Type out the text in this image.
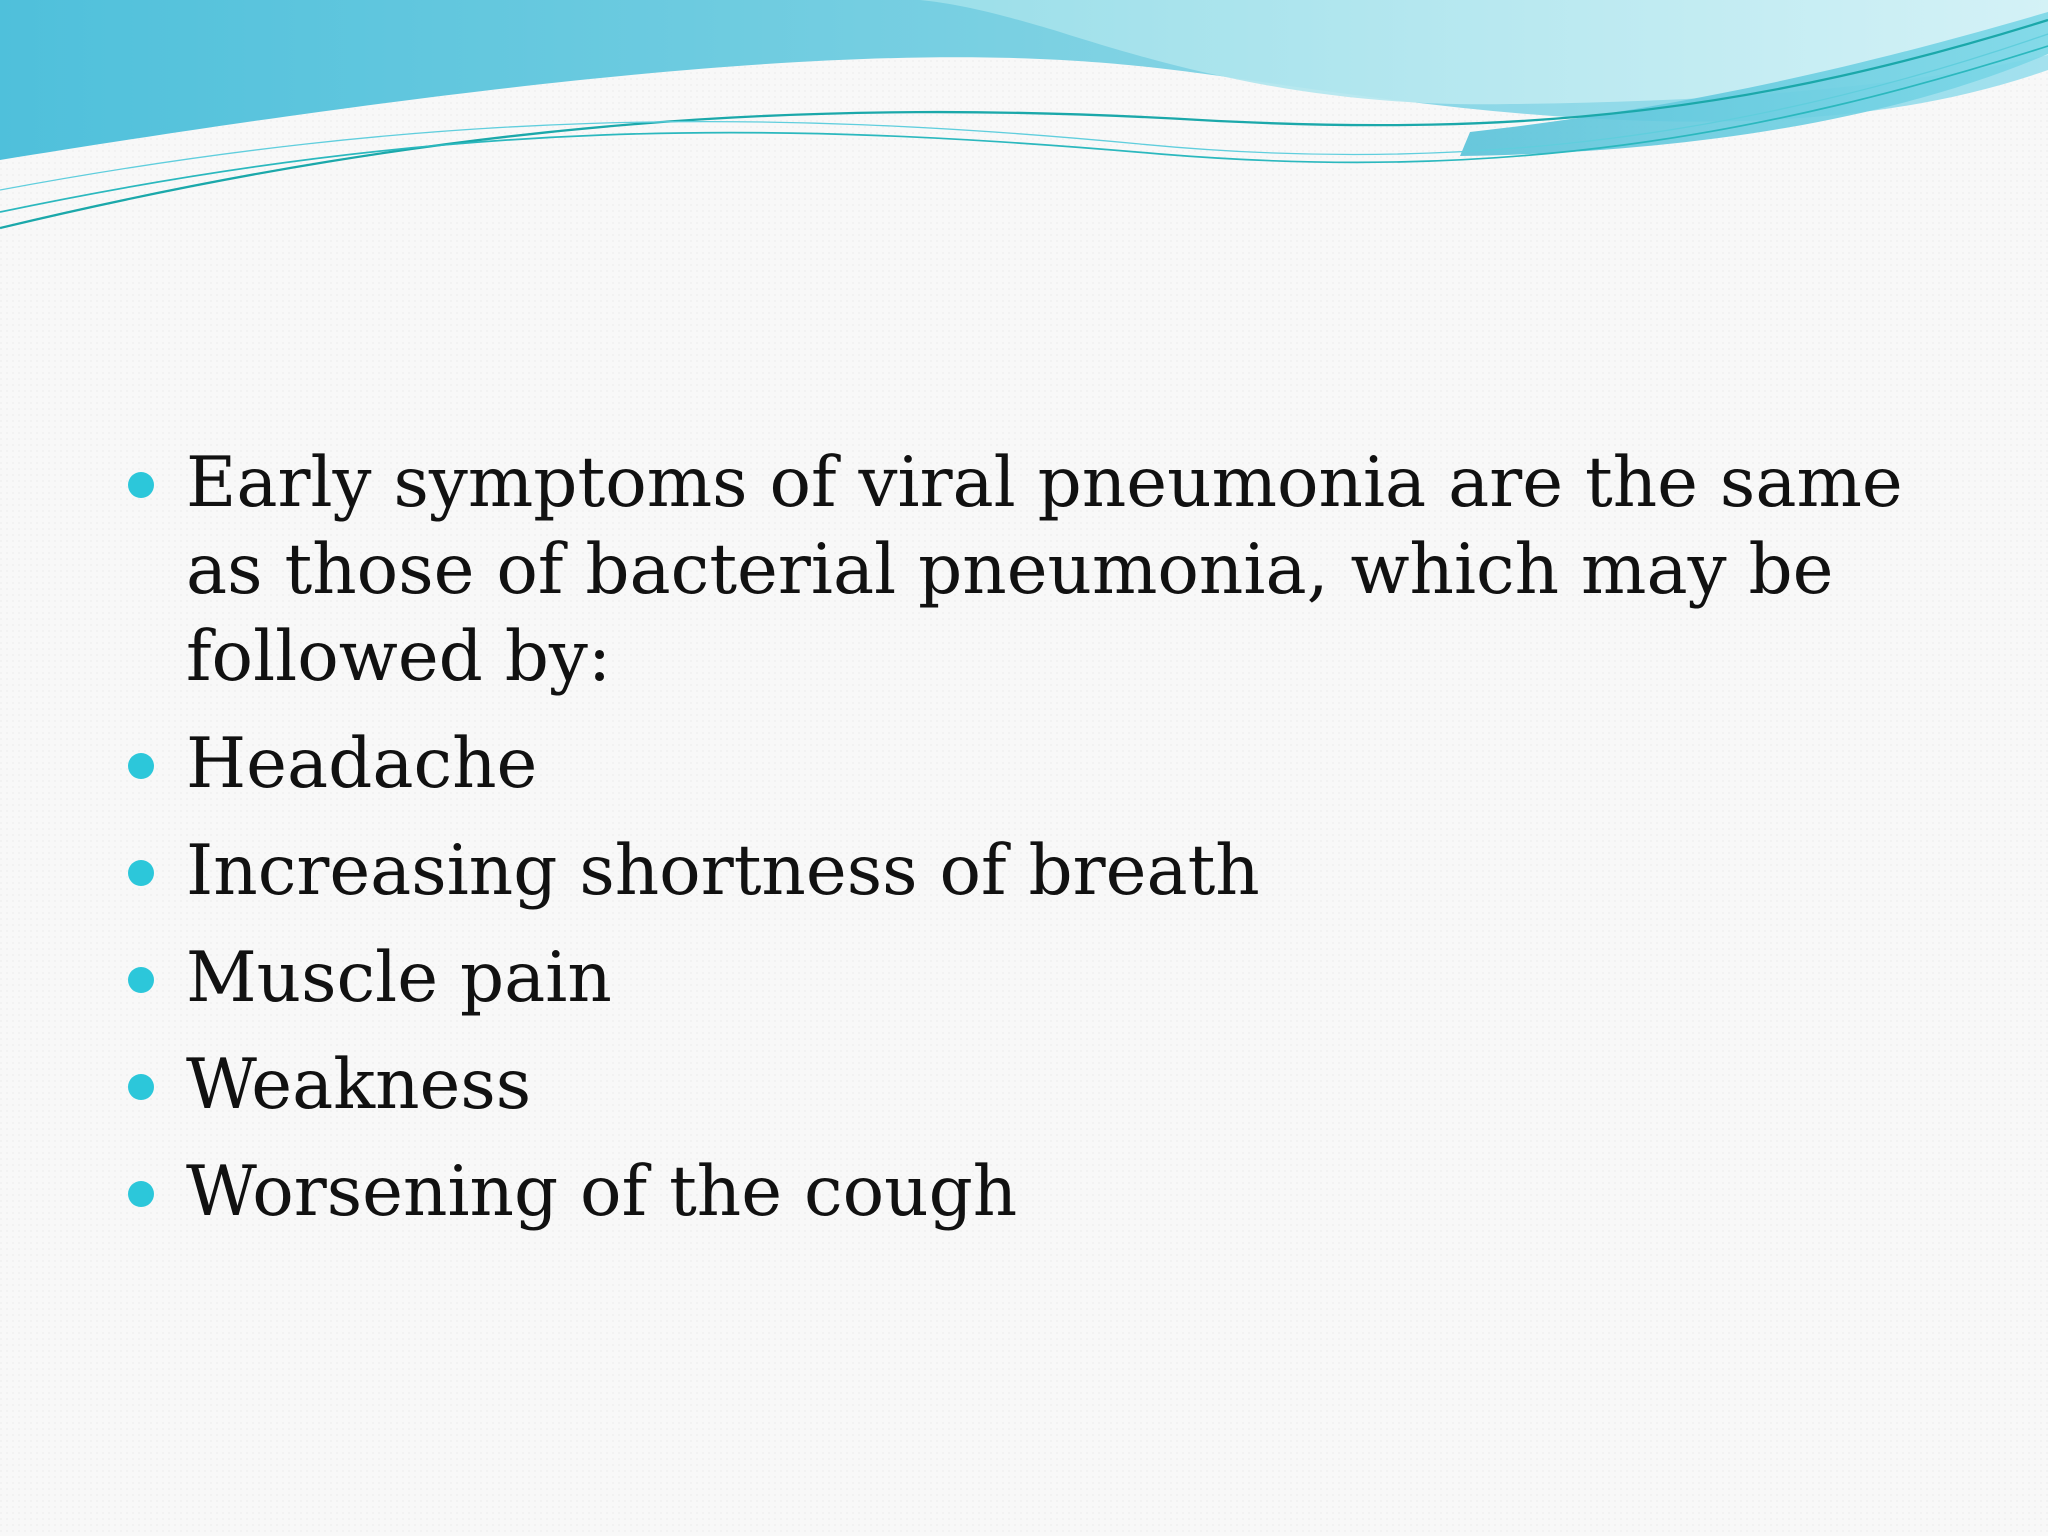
Early symptoms of viral pneumonia are the same as those of bacterial pneumonia, which may be followed by:
Headache
Increasing shortness of breath
Muscle pain
Weakness
Worsening of the cough
